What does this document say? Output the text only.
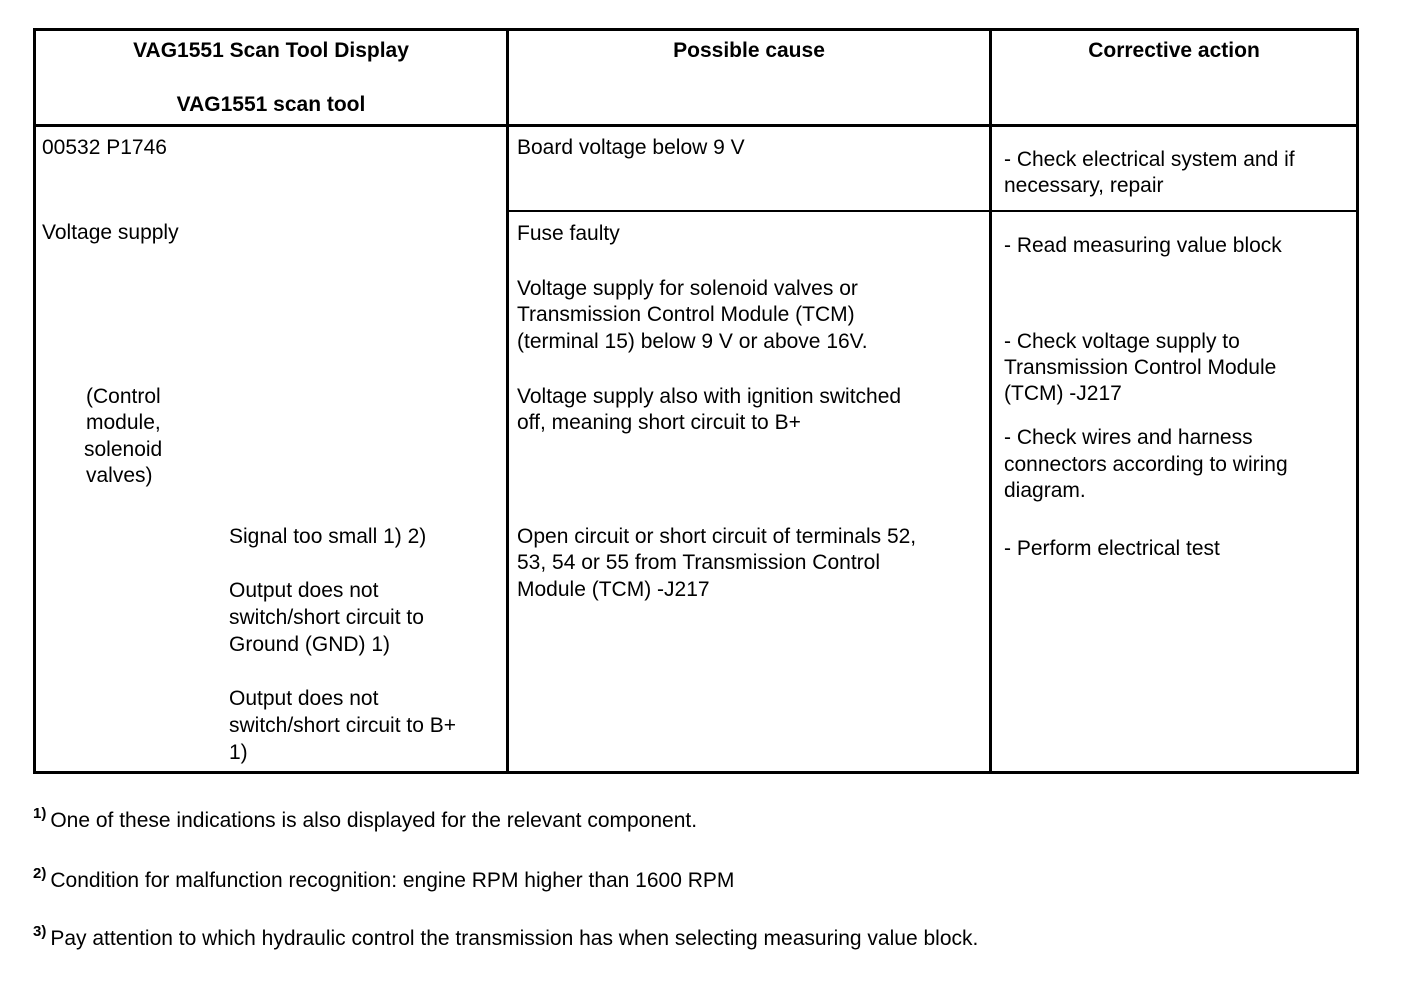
VAG1551 Scan Tool Display
VAG1551 scan tool
Possible cause	Corrective action
00532 P1746
Voltage supply
(Control
module,
solenoid
valves)
Signal too small 1) 2)
Output does not
switch/short circuit to
Ground (GND) 1)
Output does not
switch/short circuit to B+
1)
Board voltage below 9 V
Fuse faulty
Voltage supply for solenoid valves or
Transmission Control Module (TCM)
(terminal 15) below 9 V or above 16V.
Voltage supply also with ignition switched
off, meaning short circuit to B+
Open circuit or short circuit of terminals 52,
53, 54 or 55 from Transmission Control
Module (TCM) -J217
- Check electrical system and if
necessary, repair
- Read measuring value block
- Check voltage supply to
Transmission Control Module
(TCM) -J217
- Check wires and harness
connectors according to wiring
diagram.
- Perform electrical test
$^{1)}$ One of these indications is also displayed for the relevant component.
$^{2)}$ Condition for malfunction recognition: engine RPM higher than 1600 RPM
$^{3)}$ Pay attention to which hydraulic control the transmission has when selecting measuring value block.
